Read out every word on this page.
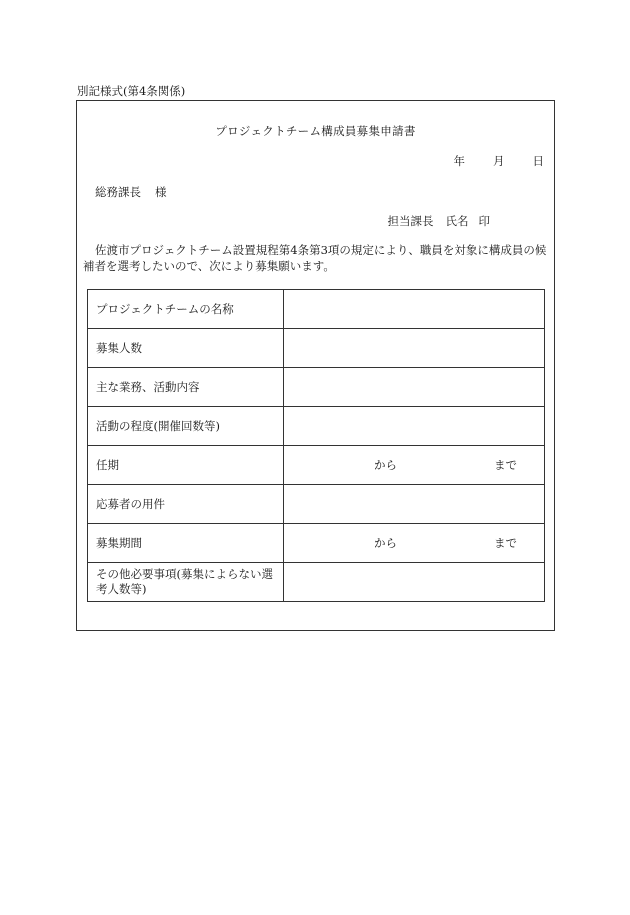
別記様式(第4条関係)
プロジェクトチーム構成員募集申請書
年 月 日
総務課長 様
担当課長 氏名 印
佐渡市プロジェクトチーム設置規程第4条第3項の規定により、職員を対象に構成員の候補者を選考したいので、次により募集願います。
プロジェクトチームの名称	
募集人数	
主な業務、活動内容	
活動の程度(開催回数等)	
任期	から まで

応募者の用件	
募集期間	から まで

その他必要事項(募集によらない選考人数等)	
